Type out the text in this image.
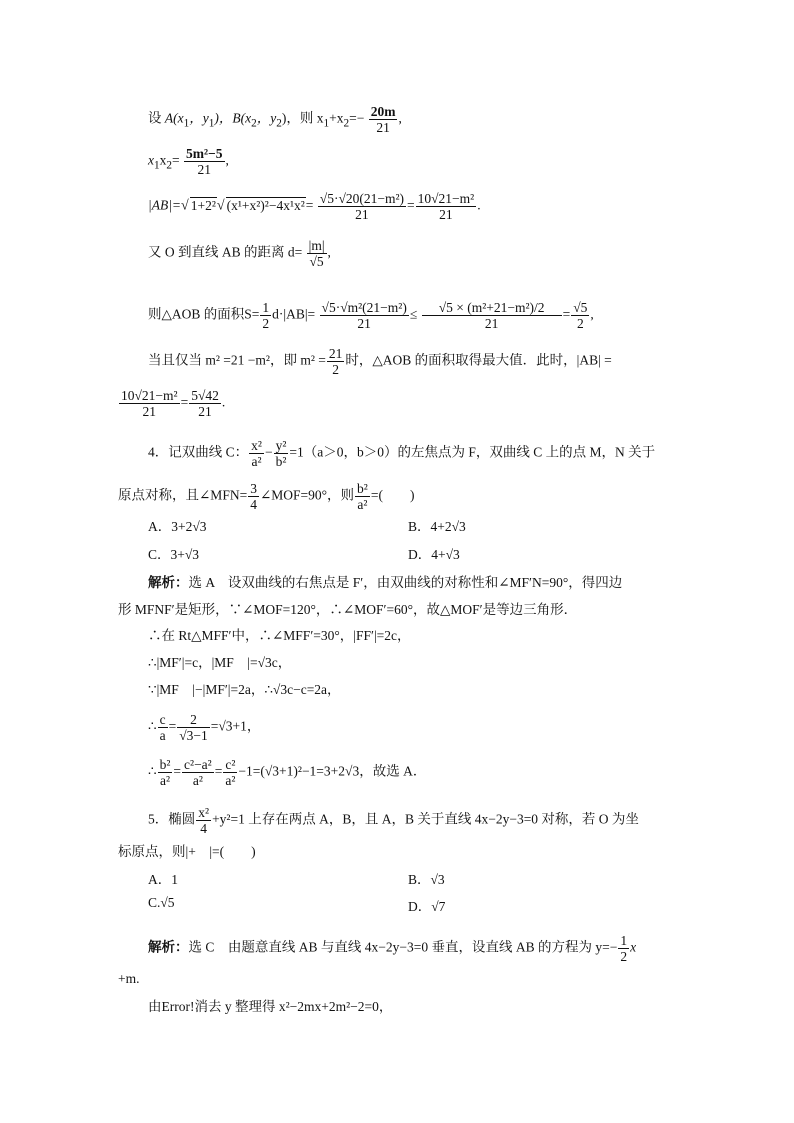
设 $A(x_1$，$y_1$)，$B(x_2$，$y_2$)，则 $x_1+x_2=- \frac{20m}{21}$ ,
$x_1x_2= \frac{\text{5m²−5}}{21}$ ,
|AB|=√ 1+2²√ $(x^1+x^2)^2-4x^1x^2= \frac{\text{√5·√20(21−m²)}}{21} = \frac{\text{10√21−m²}}{21}$ .
又 O 到直线 AB 的距离 $d= \frac{|m|}{√5}$ ,
则△AOB 的面积$S= \frac{1}{2} d\cdot|AB|= \frac{\text{√5·√m²(21−m²)}}{21} \le \frac{\text{√5 × (m²+21−m²)/2}}{21} = \frac{√5}{2}$ ,
当且仅当 m² =21 −m²，即 $m^2 = \frac{21}{2}$ 时，△AOB 的面积取得最大值．此时，|AB| =
$\frac{\text{10√21−m²}}{21} = \frac{5√42}{21}$ .
4．记双曲线 C： $\frac{\text{x²}}{\text{a²}} - \frac{\text{y²}}{\text{b²}} =1(a>0$，b＞0）的左焦点为 F，双曲线 C 上的点 M，N 关于
原点对称，且∠MFN= $\frac{3}{4}$ ∠MOF=90°，则 $\frac{\text{b²}}{\text{a²}}$ =(　　)
A．3+2√3	B．4+2√3
C．3+√3	D．4+√3
解析：选 A　设双曲线的右焦点是 F′，由双曲线的对称性和∠MF′N=90°，得四边
形 MFNF′是矩形，∵∠MOF=120°，∴∠MOF′=60°，故△MOF′是等边三角形．
∴在 Rt△MFF′中，∴∠MFF′=30°，|FF′|=2c，
∴|MF′|=c，|MF　|=√3c，
∵|MF　|−|MF′|=2a，∴√3c−c=2a，
∴ $\frac{c}{a} = \frac{2}{√3-1} =√3+1$，
∴ $\frac{\text{b²}}{\text{a²}} = \frac{\text{c²−a²}}{\text{a²}} = \frac{\text{c²}}{\text{a²}} -1=(√3+1)^2-1=3+2√3$，故选 A．
5．椭圆 $\frac{\text{x²}}{4} +y^2=1$ 上存在两点 A，B，且 A，B 关于直线 4x−2y−3=0 对称，若 O 为坐
标原点，则|+　|=(　　)
A．1	B．√3
C.√5	D．√7
解析：选 C　由题意直线 AB 与直线 4x−2y−3=0 垂直，设直线 AB 的方程为 $y=- \frac{1}{2}$ x
+m.
由Error!消去 y 整理得 x²−2mx+2m²−2=0，
